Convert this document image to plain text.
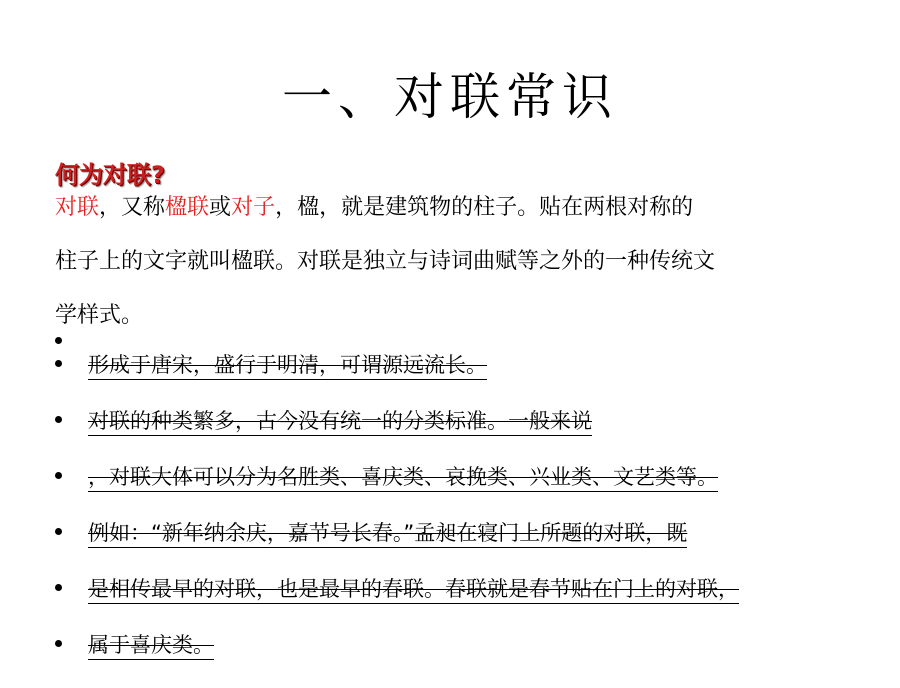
一、对联常识
何为对联?
对联，又称楹联或对子，楹，就是建筑物的柱子。贴在两根对称的
柱子上的文字就叫楹联。对联是独立与诗词曲赋等之外的一种传统文
学样式。
形成于唐宋，盛行于明清，可谓源远流长。
对联的种类繁多，古今没有统一的分类标准。一般来说
，对联大体可以分为名胜类、喜庆类、哀挽类、兴业类、文艺类等。
例如：“新年纳余庆，嘉节号长春。”孟昶在寝门上所题的对联，既
是相传最早的对联，也是最早的春联。春联就是春节贴在门上的对联，
属于喜庆类。
